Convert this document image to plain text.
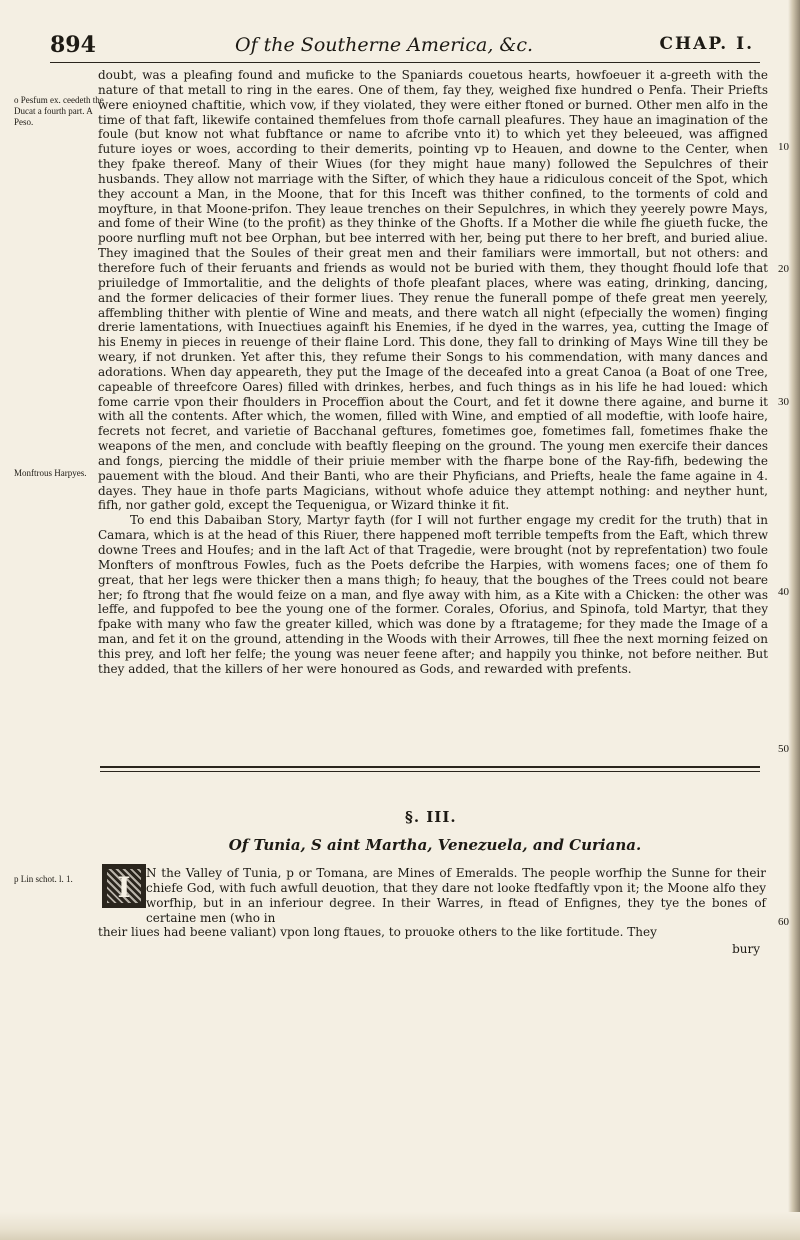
894	Of the Southerne America, &c.	CHAP. I.
o Pesfum ex. ceedeth the Ducat a fourth part. A Peso.
Monftrous Harpyes.
p Lin schot. l. 1.
10
20
30
40
50
60

doubt, was a pleafing found and muficke to the Spaniards couetous hearts, howfoeuer it a-greeth with the nature of that metall to ring in the eares. One of them, fay they, weighed fixe hundred o Penfa. Their Priefts were enioyned chaftitie, which vow, if they violated, they were either ftoned or burned. Other men alfo in the time of that faft, likewife contained themfelues from thofe carnall pleafures. They haue an imagination of the foule (but know not what fubftance or name to afcribe vnto it) to which yet they beleeued, was affigned future ioyes or woes, according to their demerits, pointing vp to Heauen, and downe to the Center, when they fpake thereof. Many of their Wiues (for they might haue many) followed the Sepulchres of their husbands. They allow not marriage with the Sifter, of which they haue a ridiculous conceit of the Spot, which they account a Man, in the Moone, that for this Inceft was thither confined, to the torments of cold and moyfture, in that Moone-prifon. They leaue trenches on their Sepulchres, in which they yeerely powre Mays, and fome of their Wine (to the profit) as they thinke of the Ghofts. If a Mother die while fhe giueth fucke, the poore nurfling muft not bee Orphan, but bee interred with her, being put there to her breft, and buried aliue. They imagined that the Soules of their great men and their familiars were immortall, but not others: and therefore fuch of their feruants and friends as would not be buried with them, they thought fhould lofe that priuiledge of Immortalitie, and the delights of thofe pleafant places, where was eating, drinking, dancing, and the former delicacies of their former liues. They renue the funerall pompe of thefe great men yeerely, affembling thither with plentie of Wine and meats, and there watch all night (efpecially the women) finging drerie lamentations, with Inuectiues againft his Enemies, if he dyed in the warres, yea, cutting the Image of his Enemy in pieces in reuenge of their flaine Lord. This done, they fall to drinking of Mays Wine till they be weary, if not drunken. Yet after this, they refume their Songs to his commendation, with many dances and adorations. When day appeareth, they put the Image of the deceafed into a great Canoa (a Boat of one Tree, capeable of threefcore Oares) filled with drinkes, herbes, and fuch things as in his life he had loued: which fome carrie vpon their fhoulders in Proceffion about the Court, and fet it downe there againe, and burne it with all the contents. After which, the women, filled with Wine, and emptied of all modeftie, with loofe haire, fecrets not fecret, and varietie of Bacchanal geftures, fometimes goe, fometimes fall, fometimes fhake the weapons of the men, and conclude with beaftly fleeping on the ground. The young men exercife their dances and fongs, piercing the middle of their priuie member with the fharpe bone of the Ray-fifh, bedewing the pauement with the bloud. And their Banti, who are their Phyficians, and Priefts, heale the fame againe in 4. dayes. They haue in thofe parts Magicians, without whofe aduice they attempt nothing: and neyther hunt, fifh, nor gather gold, except the Tequenigua, or Wizard thinke it fit.

To end this Dabaiban Story, Martyr fayth (for I will not further engage my credit for the truth) that in Camara, which is at the head of this Riuer, there happened moft terrible tempefts from the Eaft, which threw downe Trees and Houfes; and in the laft Act of that Tragedie, were brought (not by reprefentation) two foule Monfters of monftrous Fowles, fuch as the Poets defcribe the Harpies, with womens faces; one of them fo great, that her legs were thicker then a mans thigh; fo heauy, that the boughes of the Trees could not beare her; fo ftrong that fhe would feize on a man, and flye away with him, as a Kite with a Chicken: the other was leffe, and fuppofed to bee the young one of the former. Corales, Oforius, and Spinofa, told Martyr, that they fpake with many who faw the greater killed, which was done by a ftratageme; for they made the Image of a man, and fet it on the ground, attending in the Woods with their Arrowes, till fhee the next morning feized on this prey, and loft her felfe; the young was neuer feene after; and happily you thinke, not before neither. But they added, that the killers of her were honoured as Gods, and rewarded with prefents.

§. III.
Of Tunia, S aint Martha, Venezuela, and Curiana.
I	N the Valley of Tunia, p or Tomana, are Mines of Emeralds. The people worfhip the Sunne for their chiefe God, with fuch awfull deuotion, that they dare not looke ftedfaftly vpon it; the Moone alfo they worfhip, but in an inferiour degree. In their Warres, in ftead of Enfignes, they tye the bones of certaine men (who in
their liues had beene valiant) vpon long ftaues, to prouoke others to the like fortitude. They
bury
